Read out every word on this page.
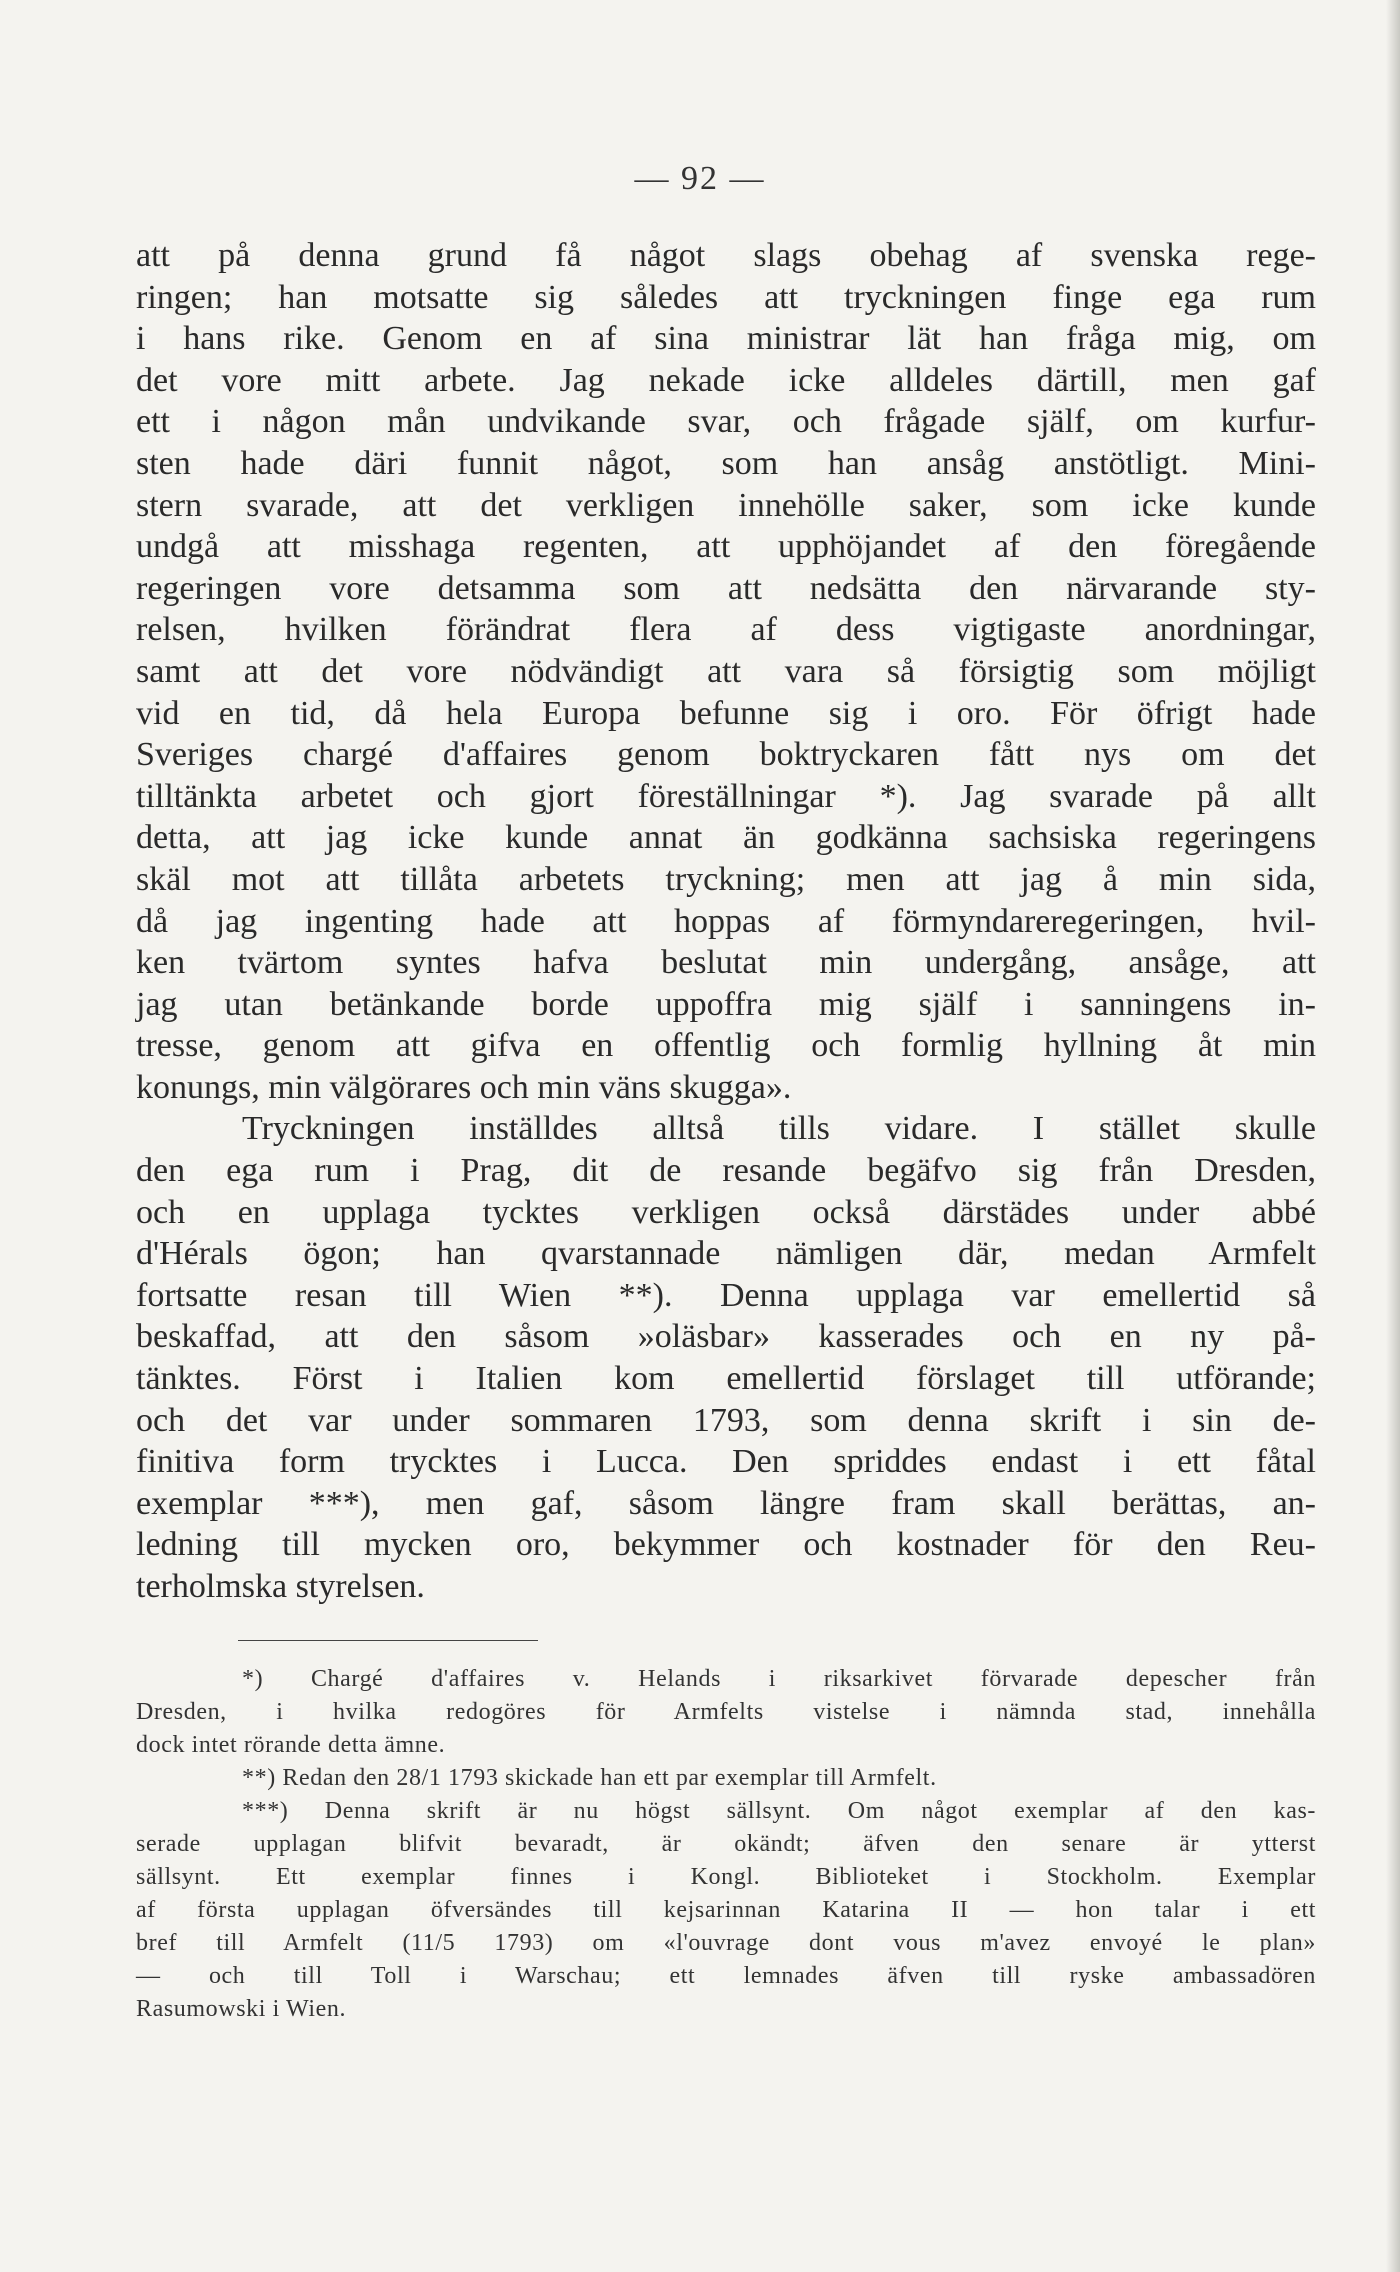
— 92 —
att på denna grund få något slags obehag af svenska rege-
ringen; han motsatte sig således att tryckningen finge ega rum
i hans rike. Genom en af sina ministrar lät han fråga mig, om
det vore mitt arbete. Jag nekade icke alldeles därtill, men gaf
ett i någon mån undvikande svar, och frågade själf, om kurfur-
sten hade däri funnit något, som han ansåg anstötligt. Mini-
stern svarade, att det verkligen innehölle saker, som icke kunde
undgå att misshaga regenten, att upphöjandet af den föregående
regeringen vore detsamma som att nedsätta den närvarande sty-
relsen, hvilken förändrat flera af dess vigtigaste anordningar,
samt att det vore nödvändigt att vara så försigtig som möjligt
vid en tid, då hela Europa befunne sig i oro. För öfrigt hade
Sveriges chargé d'affaires genom boktryckaren fått nys om det
tilltänkta arbetet och gjort föreställningar *). Jag svarade på allt
detta, att jag icke kunde annat än godkänna sachsiska regeringens
skäl mot att tillåta arbetets tryckning; men att jag å min sida,
då jag ingenting hade att hoppas af förmyndareregeringen, hvil-
ken tvärtom syntes hafva beslutat min undergång, ansåge, att
jag utan betänkande borde uppoffra mig själf i sanningens in-
tresse, genom att gifva en offentlig och formlig hyllning åt min
konungs, min välgörares och min väns skugga».
Tryckningen inställdes alltså tills vidare. I stället skulle
den ega rum i Prag, dit de resande begäfvo sig från Dresden,
och en upplaga tycktes verkligen också därstädes under abbé
d'Hérals ögon; han qvarstannade nämligen där, medan Armfelt
fortsatte resan till Wien **). Denna upplaga var emellertid så
beskaffad, att den såsom »oläsbar» kasserades och en ny på-
tänktes. Först i Italien kom emellertid förslaget till utförande;
och det var under sommaren 1793, som denna skrift i sin de-
finitiva form trycktes i Lucca. Den spriddes endast i ett fåtal
exemplar ***), men gaf, såsom längre fram skall berättas, an-
ledning till mycken oro, bekymmer och kostnader för den Reu-
terholmska styrelsen.
*) Chargé d'affaires v. Helands i riksarkivet förvarade depescher från
Dresden, i hvilka redogöres för Armfelts vistelse i nämnda stad, innehålla
dock intet rörande detta ämne.
**) Redan den 28/1 1793 skickade han ett par exemplar till Armfelt.
***) Denna skrift är nu högst sällsynt. Om något exemplar af den kas-
serade upplagan blifvit bevaradt, är okändt; äfven den senare är ytterst
sällsynt. Ett exemplar finnes i Kongl. Biblioteket i Stockholm. Exemplar
af första upplagan öfversändes till kejsarinnan Katarina II — hon talar i ett
bref till Armfelt (11/5 1793) om «l'ouvrage dont vous m'avez envoyé le plan»
— och till Toll i Warschau; ett lemnades äfven till ryske ambassadören
Rasumowski i Wien.
